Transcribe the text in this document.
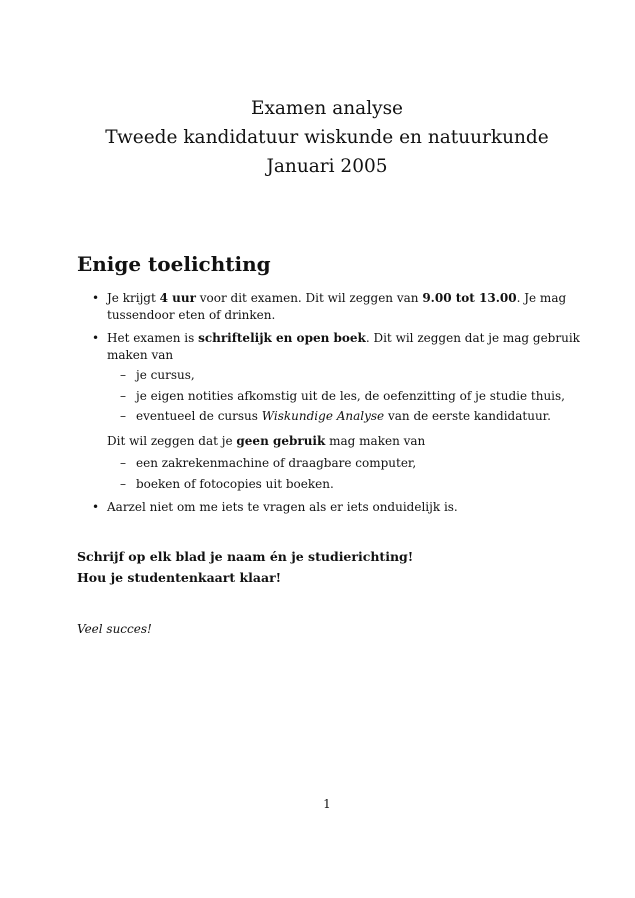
Examen analyse
Tweede kandidatuur wiskunde en natuurkunde
Januari 2005
Enige toelichting
• Je krijgt 4 uur voor dit examen. Dit wil zeggen van 9.00 tot 13.00. Je mag tussendoor eten of drinken.
• Het examen is schriftelijk en open boek. Dit wil zeggen dat je mag gebruik maken van
– je cursus,
– je eigen notities afkomstig uit de les, de oefenzitting of je studie thuis,
– eventueel de cursus Wiskundige Analyse van de eerste kandidatuur.
Dit wil zeggen dat je geen gebruik mag maken van
– een zakrekenmachine of draagbare computer,
– boeken of fotocopies uit boeken.
• Aarzel niet om me iets te vragen als er iets onduidelijk is.

Schrijf op elk blad je naam én je studierichting!

Hou je studentenkaart klaar!

Veel succes!
1
